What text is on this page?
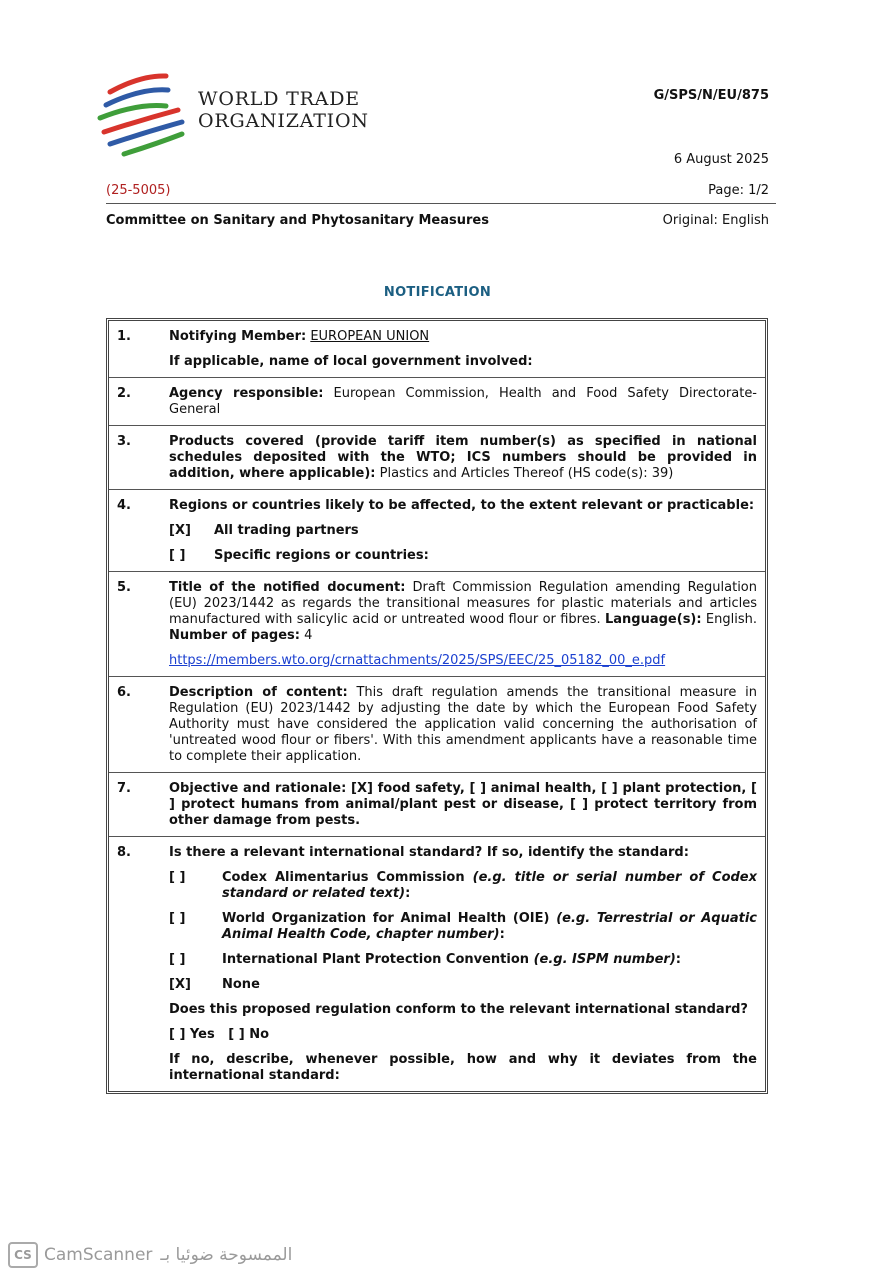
WORLD TRADE
ORGANIZATION
G/SPS/N/EU/875
6 August 2025
(25-5005)	Page: 1/2
Committee on Sanitary and Phytosanitary Measures	Original: English
NOTIFICATION
1.	Notifying Member: EUROPEAN UNION

If applicable, name of local government involved:

2.	Agency responsible: European Commission, Health and Food Safety Directorate-General

3.	Products covered (provide tariff item number(s) as specified in national schedules deposited with the WTO; ICS numbers should be provided in addition, where applicable): Plastics and Articles Thereof (HS code(s): 39)

4.	Regions or countries likely to be affected, to the extent relevant or practicable:

[X]	All trading partners
[ ]	Specific regions or countries:
5.	Title of the notified document: Draft Commission Regulation amending Regulation (EU) 2023/1442 as regards the transitional measures for plastic materials and articles manufactured with salicylic acid or untreated wood flour or fibres. Language(s): English. Number of pages: 4

https://members.wto.org/crnattachments/2025/SPS/EEC/25_05182_00_e.pdf

6.	Description of content: This draft regulation amends the transitional measure in Regulation (EU) 2023/1442 by adjusting the date by which the European Food Safety Authority must have considered the application valid concerning the authorisation of 'untreated wood flour or fibers'. With this amendment applicants have a reasonable time to complete their application.

7.	Objective and rationale: [X] food safety, [ ] animal health, [ ] plant protection, [ ] protect humans from animal/plant pest or disease, [ ] protect territory from other damage from pests.

8.	Is there a relevant international standard? If so, identify the standard:

[ ]	Codex Alimentarius Commission (e.g. title or serial number of Codex standard or related text):
[ ]	World Organization for Animal Health (OIE) (e.g. Terrestrial or Aquatic Animal Health Code, chapter number):
[ ]	International Plant Protection Convention (e.g. ISPM number):
[X]	None

Does this proposed regulation conform to the relevant international standard?

[ ] Yes   [ ] No

If no, describe, whenever possible, how and why it deviates from the international standard:

CS CamScanner الممسوحة ضوئيا بـ
